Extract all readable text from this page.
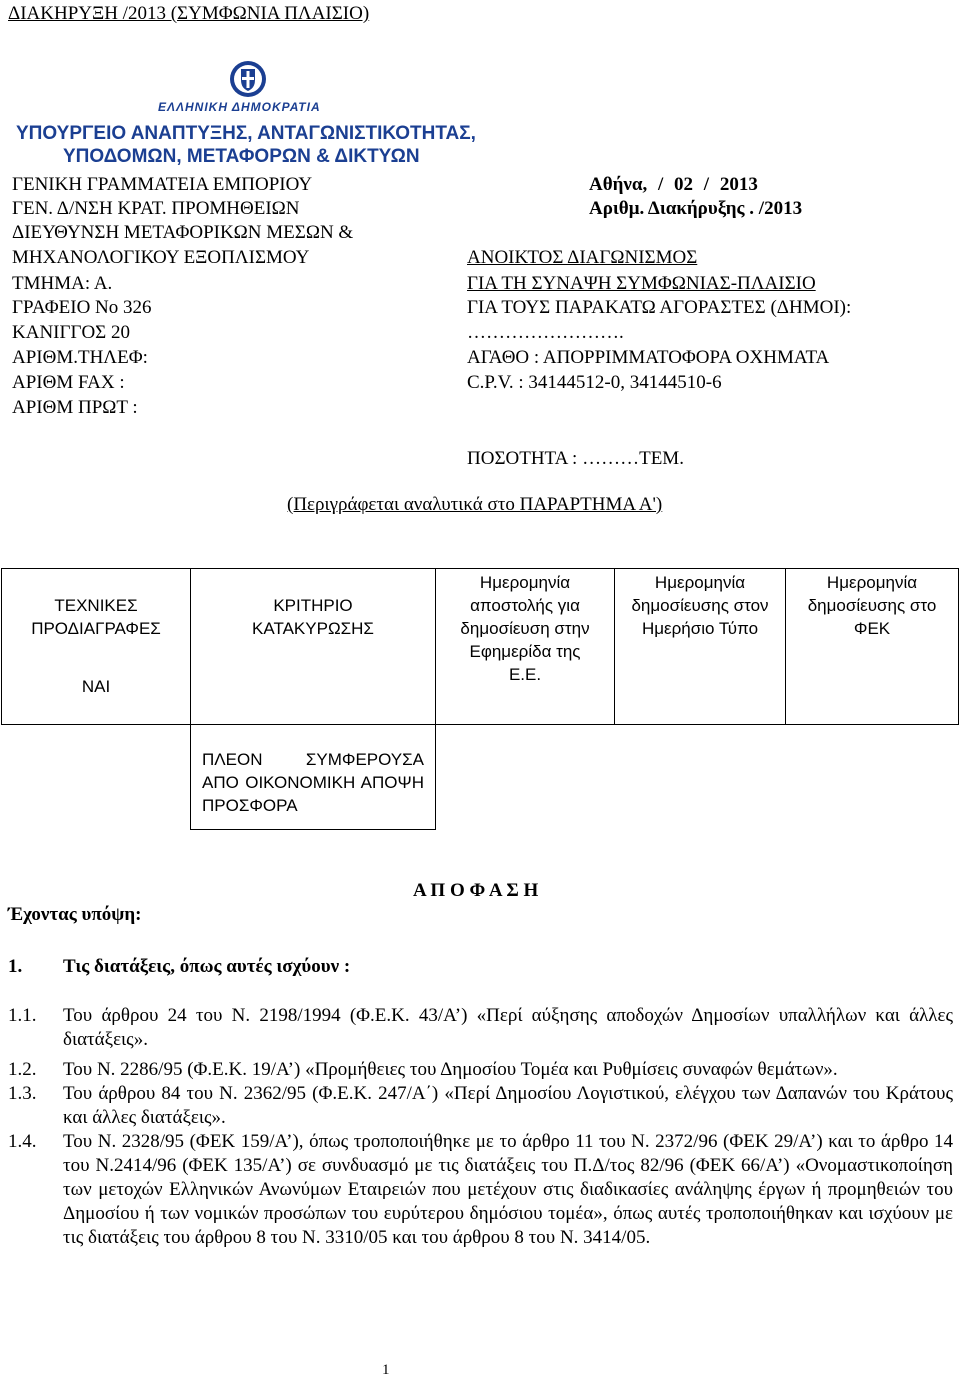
ΔΙΑΚΗΡΥΞΗ /2013 (ΣΥΜΦΩΝΙΑ ΠΛΑΙΣΙΟ)
ΕΛΛΗΝΙΚΗ ΔΗΜΟΚΡΑΤΙΑ
ΥΠΟΥΡΓΕΙΟ ΑΝΑΠΤΥΞΗΣ, ΑΝΤΑΓΩΝΙΣΤΙΚΟΤΗΤΑΣ,
ΥΠΟΔΟΜΩΝ, ΜΕΤΑΦΟΡΩΝ & ΔΙΚΤΥΩΝ
ΓΕΝΙΚΗ ΓΡΑΜΜΑΤΕΙΑ ΕΜΠΟΡΙΟΥ
ΓΕΝ. Δ/ΝΣΗ ΚΡΑΤ. ΠΡΟΜΗΘΕΙΩΝ
ΔΙΕΥΘΥΝΣΗ ΜΕΤΑΦΟΡΙΚΩΝ ΜΕΣΩΝ &
ΜΗΧΑΝΟΛΟΓΙΚΟΥ ΕΞΟΠΛΙΣΜΟΥ
ΤΜΗΜΑ: Α.
ΓΡΑΦΕΙΟ Νο 326
ΚΑΝΙΓΓΟΣ 20
ΑΡΙΘΜ.ΤΗΛΕΦ:
ΑΡΙΘΜ FAX :
ΑΡΙΘΜ ΠΡΩΤ :
Αθήνα, / 02 / 2013
Αριθμ. Διακήρυξης . /2013
ΑΝΟΙΚΤΟΣ ΔΙΑΓΩΝΙΣΜΟΣ
ΓΙΑ ΤΗ ΣΥΝΑΨΗ ΣΥΜΦΩΝΙΑΣ-ΠΛΑΙΣΙΟ
ΓΙΑ ΤΟΥΣ ΠΑΡΑΚΑΤΩ ΑΓΟΡΑΣΤΕΣ (ΔΗΜΟΙ):
…………………….
ΑΓΑΘΟ : ΑΠΟΡΡΙΜΜΑΤΟΦΟΡΑ ΟΧΗΜΑΤΑ
C.P.V. : 34144512-0, 34144510-6
ΠΟΣΟΤΗΤΑ : ………ΤΕΜ.
(Περιγράφεται αναλυτικά στο ΠΑΡΑΡΤΗΜΑ Α')
ΤΕΧΝΙΚΕΣ ΠΡΟΔΙΑΓΡΑΦΕΣ
ΝΑΙ
ΚΡΙΤΗΡΙΟ ΚΑΤΑΚΥΡΩΣΗΣ
Ημερομηνία αποστολής για δημοσίευση στην Εφημερίδα της Ε.Ε.
Ημερομηνία δημοσίευσης στον Ημερήσιο Τύπο
Ημερομηνία δημοσίευσης στο ΦΕΚ
ΠΛΕΟΝ ΣΥΜΦΕΡΟΥΣΑ ΑΠΟ ΟΙΚΟΝΟΜΙΚΗ ΑΠΟΨΗ ΠΡΟΣΦΟΡΑ
Α Π Ο Φ Α Σ Η
Έχοντας υπόψη:
1. Τις διατάξεις, όπως αυτές ισχύουν :
1.1. Του άρθρου 24 του Ν. 2198/1994 (Φ.Ε.Κ. 43/Α’) «Περί αύξησης αποδοχών Δημοσίων υπαλλήλων και άλλες διατάξεις».
1.2. Του Ν. 2286/95 (Φ.Ε.Κ. 19/Α’) «Προμήθειες του Δημοσίου Τομέα και Ρυθμίσεις συναφών θεμάτων».
1.3. Του άρθρου 84 του Ν. 2362/95 (Φ.Ε.Κ. 247/Α΄) «Περί Δημοσίου Λογιστικού, ελέγχου των Δαπανών του Κράτους και άλλες διατάξεις».
1.4. Του Ν. 2328/95 (ΦΕΚ 159/Α’), όπως τροποποιήθηκε με το άρθρο 11 του Ν. 2372/96 (ΦΕΚ 29/Α’) και το άρθρο 14 του Ν.2414/96 (ΦΕΚ 135/Α’) σε συνδυασμό με τις διατάξεις του Π.Δ/τος 82/96 (ΦΕΚ 66/Α’) «Ονομαστικοποίηση των μετοχών Ελληνικών Ανωνύμων Εταιρειών που μετέχουν στις διαδικασίες ανάληψης έργων ή προμηθειών του Δημοσίου ή των νομικών προσώπων του ευρύτερου δημόσιου τομέα», όπως αυτές τροποποιήθηκαν και ισχύουν με τις διατάξεις του άρθρου 8 του Ν. 3310/05 και του άρθρου 8 του Ν. 3414/05.
1
